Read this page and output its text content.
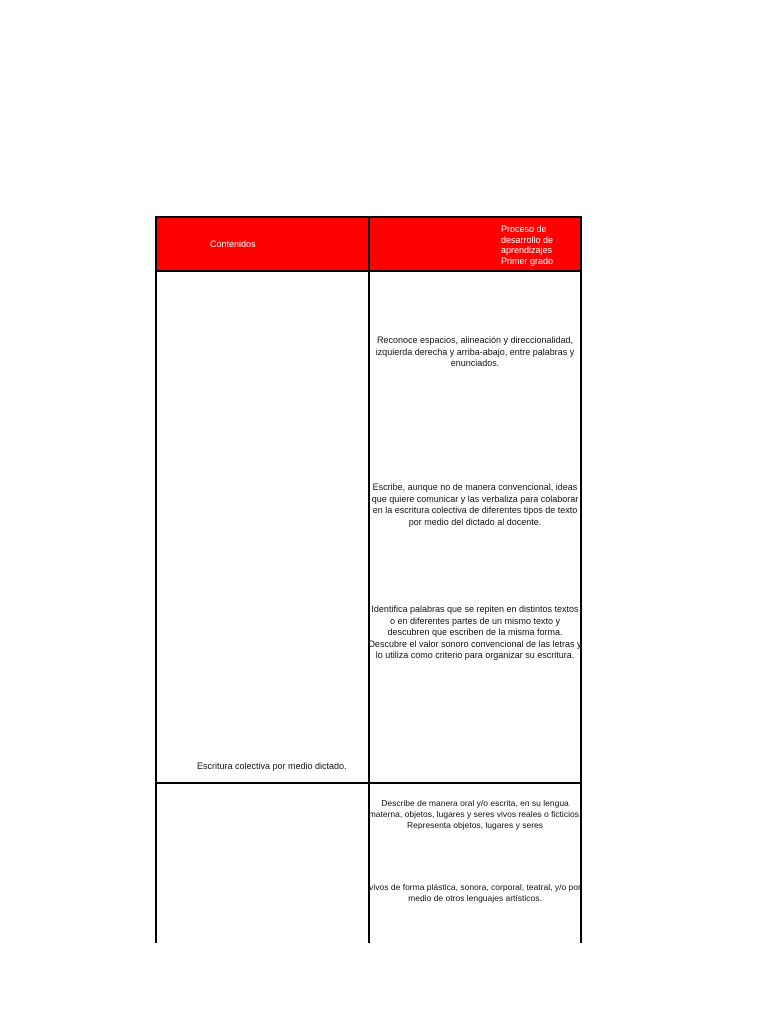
Contenidos
Proceso de desarrollo de aprendizajes Primer grado
Escritura colectiva por medio dictado.
Reconoce espacios, alineación y direccionalidad, izquierda derecha y arriba-abajo, entre palabras y enunciados.
Escribe, aunque no de manera convencional, ideas que quiere comunicar y las verbaliza para colaborar en la escritura colectiva de diferentes tipos de texto por medio del dictado al docente.
Identifica palabras que se repiten en distintos textos o en diferentes partes de un mismo texto y descubren que escriben de la misma forma. Descubre el valor sonoro convencional de las letras y lo utiliza como criterio para organizar su escritura.
Describe de manera oral y/o escrita, en su lengua materna, objetos, lugares y seres vivos reales o ficticios. Representa objetos, lugares y seres
vivos de forma plástica, sonora, corporal, teatral, y/o por medio de otros lenguajes artísticos.
